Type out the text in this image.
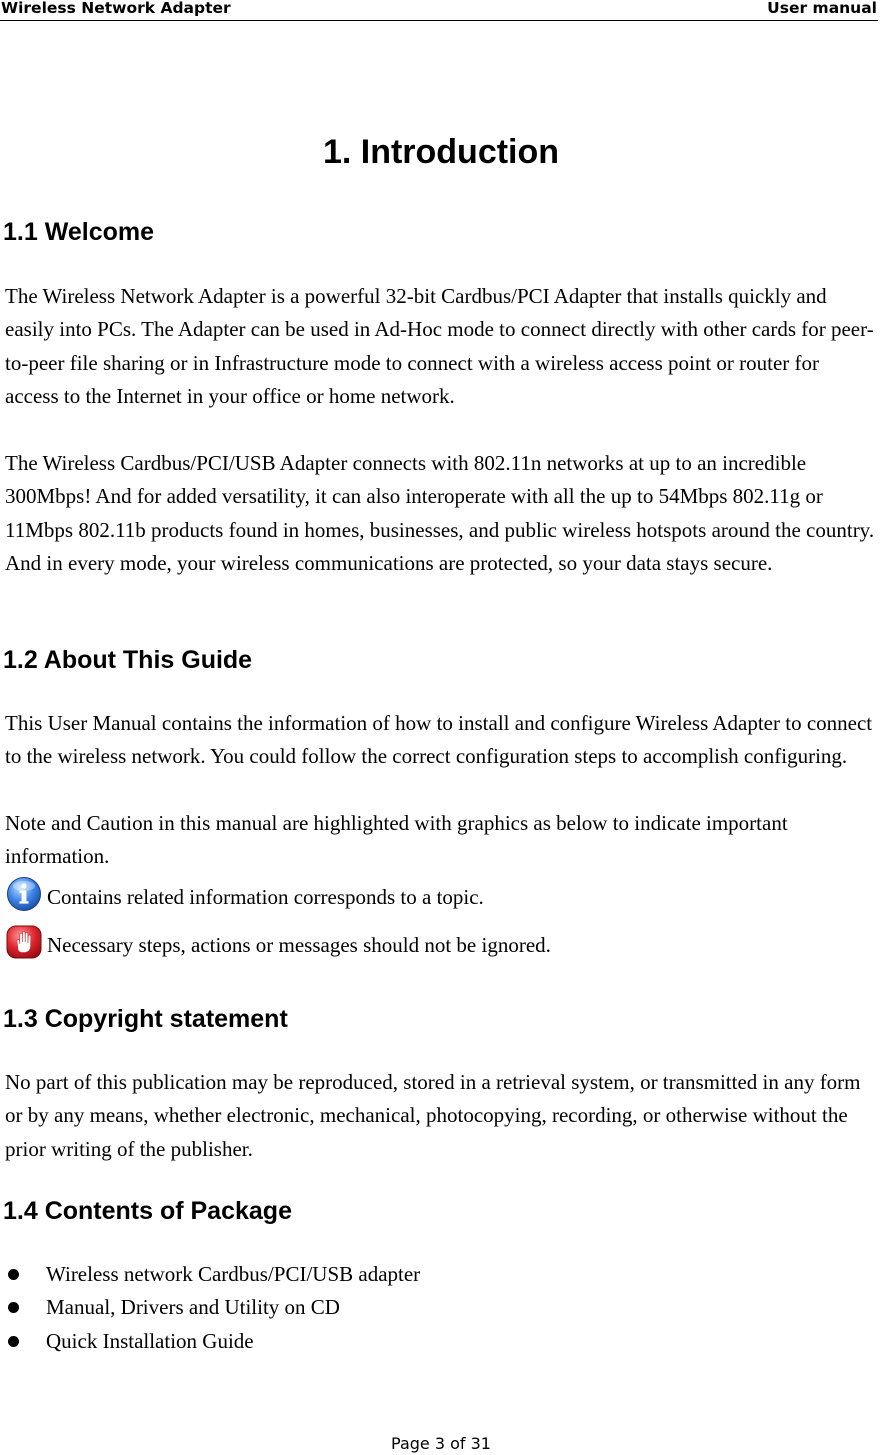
Wireless Network Adapter	User manual
1. Introduction
1.1 Welcome

The Wireless Network Adapter is a powerful 32-bit Cardbus/PCI Adapter that installs quickly and easily into PCs. The Adapter can be used in Ad-Hoc mode to connect directly with other cards for peer-to-peer file sharing or in Infrastructure mode to connect with a wireless access point or router for access to the Internet in your office or home network.

The Wireless Cardbus/PCI/USB Adapter connects with 802.11n networks at up to an incredible 300Mbps! And for added versatility, it can also interoperate with all the up to 54Mbps 802.11g or 11Mbps 802.11b products found in homes, businesses, and public wireless hotspots around the country. And in every mode, your wireless communications are protected, so your data stays secure.

1.2 About This Guide

This User Manual contains the information of how to install and configure Wireless Adapter to connect to the wireless network. You could follow the correct configuration steps to accomplish configuring.

Note and Caution in this manual are highlighted with graphics as below to indicate important information.

Contains related information corresponds to a topic.
Necessary steps, actions or messages should not be ignored.
1.3 Copyright statement

No part of this publication may be reproduced, stored in a retrieval system, or transmitted in any form or by any means, whether electronic, mechanical, photocopying, recording, or otherwise without the prior writing of the publisher.

1.4 Contents of Package
Wireless network Cardbus/PCI/USB adapter
Manual, Drivers and Utility on CD
Quick Installation Guide
Page 3 of 31
